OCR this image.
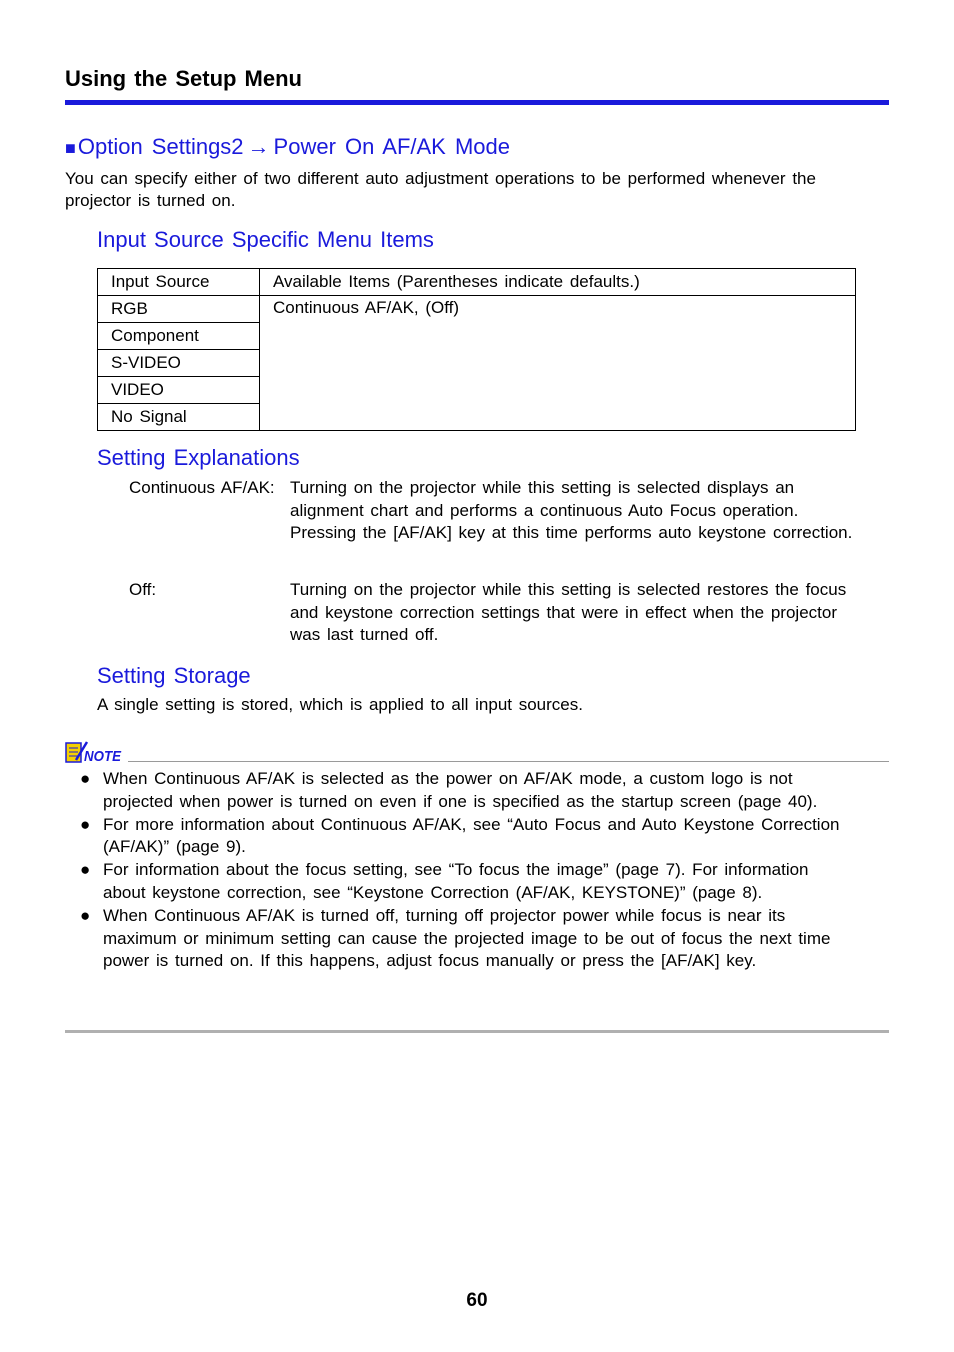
Using the Setup Menu
■Option Settings2 → Power On AF/AK Mode
You can specify either of two different auto adjustment operations to be performed whenever the projector is turned on.
Input Source Specific Menu Items
Input Source	Available Items (Parentheses indicate defaults.)
RGB	Continuous AF/AK, (Off)
Component	
S-VIDEO	
VIDEO	
No Signal	
Setting Explanations
Continuous AF/AK: Turning on the projector while this setting is selected displays an alignment chart and performs a continuous Auto Focus operation. Pressing the [AF/AK] key at this time performs auto keystone correction.
Off:	Turning on the projector while this setting is selected restores the focus and keystone correction settings that were in effect when the projector was last turned off.
Setting Storage
A single setting is stored, which is applied to all input sources.
NOTE
● When Continuous AF/AK is selected as the power on AF/AK mode, a custom logo is not projected when power is turned on even if one is specified as the startup screen (page 40).
● For more information about Continuous AF/AK, see “Auto Focus and Auto Keystone Correction (AF/AK)” (page 9).
● For information about the focus setting, see “To focus the image” (page 7). For information about keystone correction, see “Keystone Correction (AF/AK, KEYSTONE)” (page 8).
● When Continuous AF/AK is turned off, turning off projector power while focus is near its maximum or minimum setting can cause the projected image to be out of focus the next time power is turned on. If this happens, adjust focus manually or press the [AF/AK] key.
60
